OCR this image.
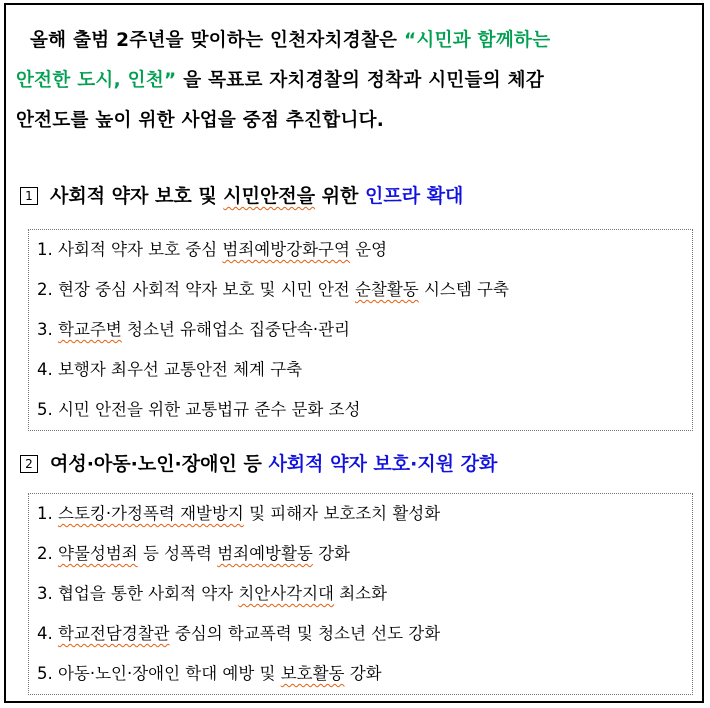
올해 출범 2주년을 맞이하는 인천자치경찰은 “시민과 함께하는
안전한 도시, 인천” 을 목표로 자치경찰의 정착과 시민들의 체감
안전도를 높이 위한 사업을 중점 추진합니다.
1 사회적 약자 보호 및 시민안전을 위한 인프라 확대
1. 사회적 약자 보호 중심 범죄예방강화구역 운영
2. 현장 중심 사회적 약자 보호 및 시민 안전 순찰활동 시스템 구축
3. 학교주변 청소년 유해업소 집중단속·관리
4. 보행자 최우선 교통안전 체계 구축
5. 시민 안전을 위한 교통법규 준수 문화 조성
2 여성·아동·노인·장애인 등 사회적 약자 보호·지원 강화
1. 스토킹·가정폭력 재발방지 및 피해자 보호조치 활성화
2. 약물성범죄 등 성폭력 범죄예방활동 강화
3. 협업을 통한 사회적 약자 치안사각지대 최소화
4. 학교전담경찰관 중심의 학교폭력 및 청소년 선도 강화
5. 아동·노인·장애인 학대 예방 및 보호활동 강화
